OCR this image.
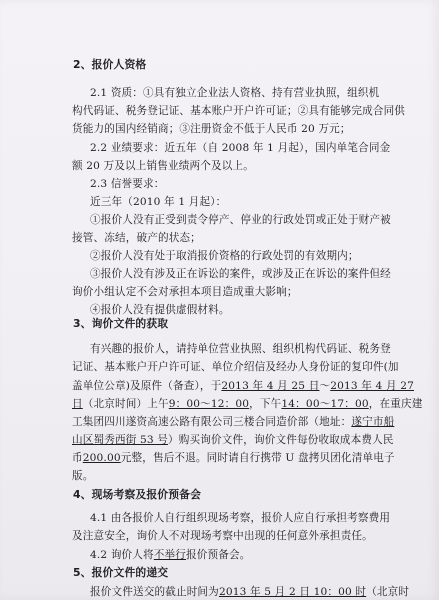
2、报价人资格
2.1 资质：①具有独立企业法人资格、持有营业执照，组织机
构代码证、税务登记证、基本账户开户许可证；②具有能够完成合同供
货能力的国内经销商；③注册资金不低于人民币 20 万元；
2.2 业绩要求：近五年（自 2008 年 1 月起），国内单笔合同金
额 20 万及以上销售业绩两个及以上。
2.3 信誉要求：
近三年（2010 年 1 月起）：
①报价人没有正受到责令停产、停业的行政处罚或正处于财产被
接管、冻结，破产的状态；
②报价人没有处于取消报价资格的行政处罚的有效期内；
③报价人没有涉及正在诉讼的案件，或涉及正在诉讼的案件但经
询价小组认定不会对承担本项目造成重大影响；
④报价人没有提供虚假材料。
3、询价文件的获取
有兴趣的报价人，请持单位营业执照、组织机构代码证、税务登
记证、基本账户开户许可证、单位介绍信及经办人身份证的复印件(加
盖单位公章)及原件（备查），于2013 年 4 月 25 日～2013 年 4 月 27
日（北京时间）上午9：00～12：00，下午14：00～17：00，在重庆建
工集团四川遂资高速公路有限公司三楼合同造价部（地址：遂宁市船
山区蜀秀西街 53 号）购买询价文件，询价文件每份收取成本费人民
币200.00元整，售后不退。同时请自行携带 U 盘拷贝团化清单电子
版。
4、现场考察及报价预备会
4.1 由各报价人自行组织现场考察，报价人应自行承担考察费用
及注意安全，询价人不对现场考察中出现的任何意外承担责任。
4.2 询价人将不举行报价预备会。
5、报价文件的递交
报价文件送交的截止时间为2013 年 5 月 2 日 10：00 时（北京时
